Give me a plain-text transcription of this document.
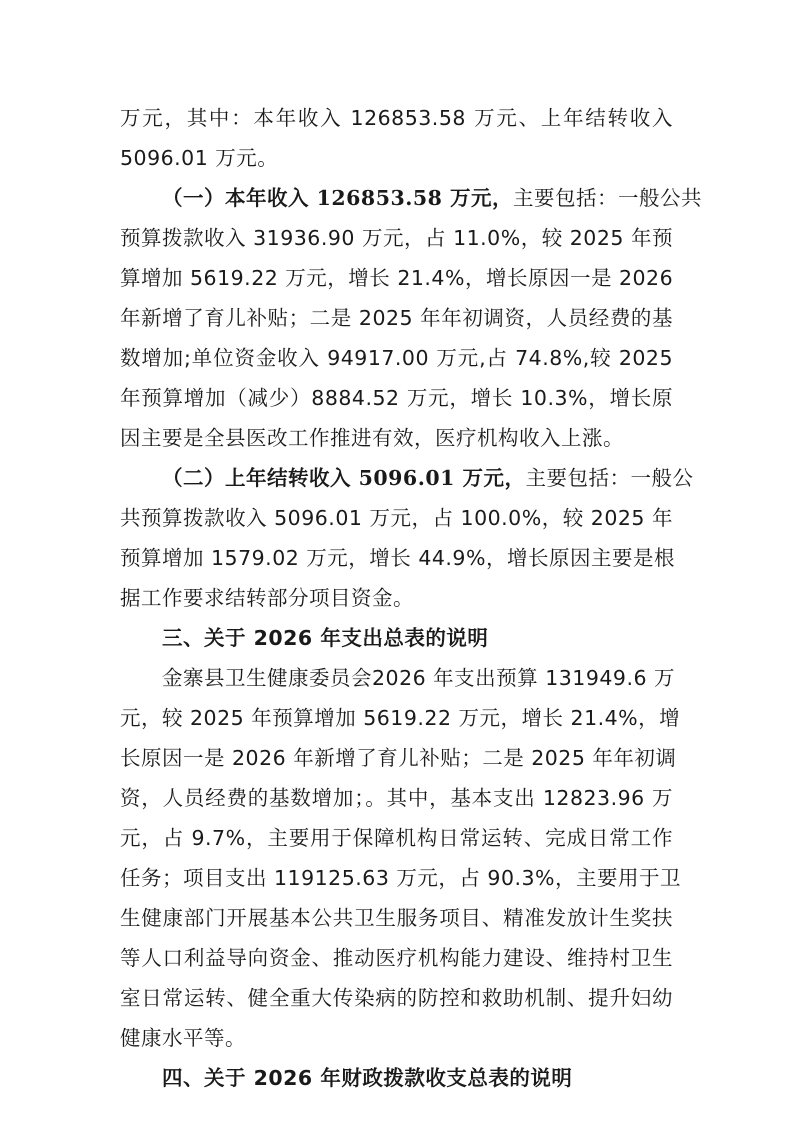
万元，其中：本年收入 126853.58 万元、上年结转收入
5096.01 万元。
（一）本年收入 126853.58 万元，主要包括：一般公共
预算拨款收入 31936.90 万元，占 11.0%，较 2025 年预
算增加 5619.22 万元，增长 21.4%，增长原因一是 2026
年新增了育儿补贴；二是 2025 年年初调资，人员经费的基
数增加;单位资金收入 94917.00 万元,占 74.8%,较 2025
年预算增加（减少）8884.52 万元，增长 10.3%，增长原
因主要是全县医改工作推进有效，医疗机构收入上涨。
（二）上年结转收入 5096.01 万元，主要包括：一般公
共预算拨款收入 5096.01 万元，占 100.0%，较 2025 年
预算增加 1579.02 万元，增长 44.9%，增长原因主要是根
据工作要求结转部分项目资金。
三、关于 2026 年支出总表的说明
金寨县卫生健康委员会2026 年支出预算 131949.6 万
元，较 2025 年预算增加 5619.22 万元，增长 21.4%，增
长原因一是 2026 年新增了育儿补贴；二是 2025 年年初调
资，人员经费的基数增加；。其中，基本支出 12823.96 万
元，占 9.7%，主要用于保障机构日常运转、完成日常工作
任务；项目支出 119125.63 万元，占 90.3%，主要用于卫
生健康部门开展基本公共卫生服务项目、精准发放计生奖扶
等人口利益导向资金、推动医疗机构能力建设、维持村卫生
室日常运转、健全重大传染病的防控和救助机制、提升妇幼
健康水平等。
四、关于 2026 年财政拨款收支总表的说明
